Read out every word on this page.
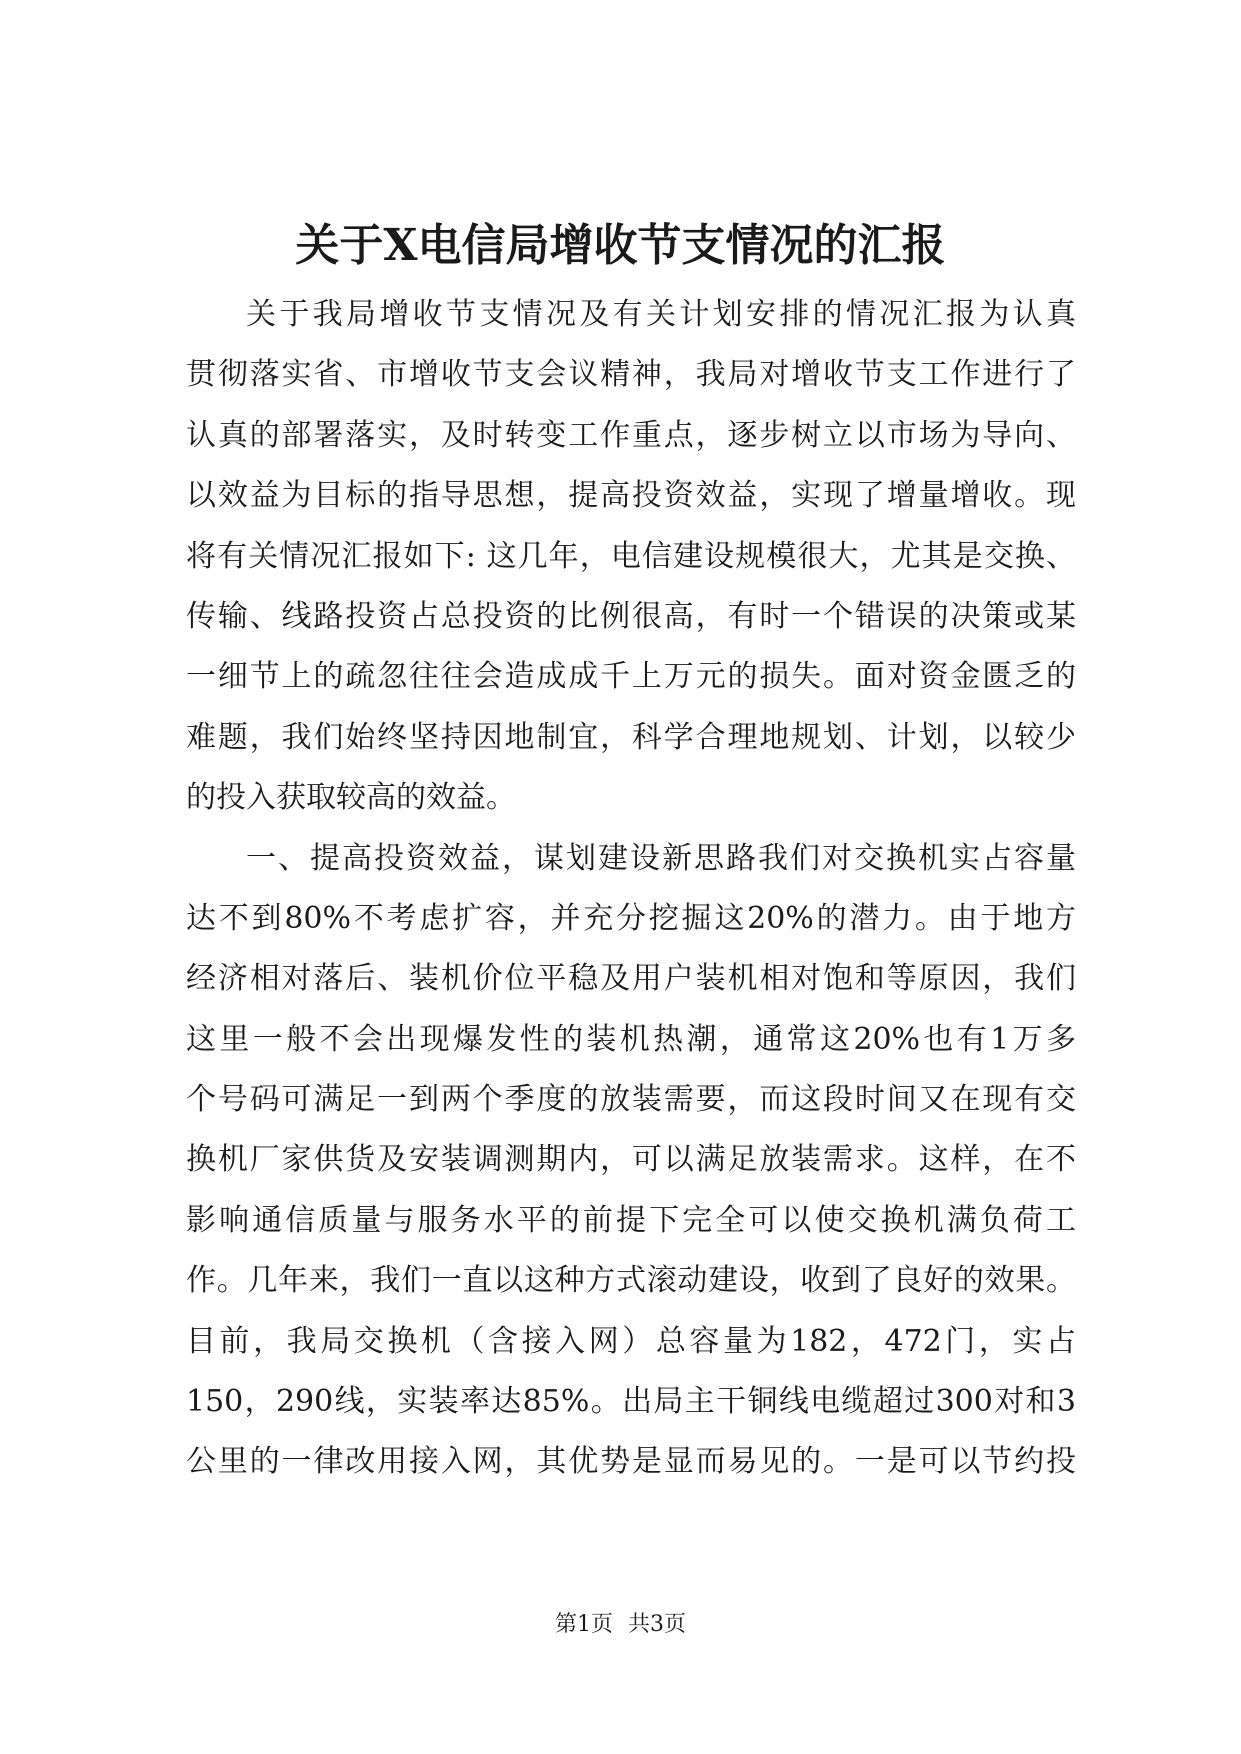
关于X电信局增收节支情况的汇报
关于我局增收节支情况及有关计划安排的情况汇报为认真
贯彻落实省、市增收节支会议精神，我局对增收节支工作进行了
认真的部署落实，及时转变工作重点，逐步树立以市场为导向、
以效益为目标的指导思想，提高投资效益，实现了增量增收。现
将有关情况汇报如下: 这几年，电信建设规模很大，尤其是交换、
传输、线路投资占总投资的比例很高，有时一个错误的决策或某
一细节上的疏忽往往会造成成千上万元的损失。面对资金匮乏的
难题，我们始终坚持因地制宜，科学合理地规划、计划，以较少
的投入获取较高的效益。
一、提高投资效益，谋划建设新思路我们对交换机实占容量
达不到80%不考虑扩容，并充分挖掘这20%的潜力。由于地方
经济相对落后、装机价位平稳及用户装机相对饱和等原因，我们
这里一般不会出现爆发性的装机热潮，通常这20%也有1万多
个号码可满足一到两个季度的放装需要，而这段时间又在现有交
换机厂家供货及安装调测期内，可以满足放装需求。这样，在不
影响通信质量与服务水平的前提下完全可以使交换机满负荷工
作。几年来，我们一直以这种方式滚动建设，收到了良好的效果。
目前，我局交换机（含接入网）总容量为182，472门，实占
150，290线，实装率达85%。出局主干铜线电缆超过300对和3
公里的一律改用接入网，其优势是显而易见的。一是可以节约投
第1页 共3页
